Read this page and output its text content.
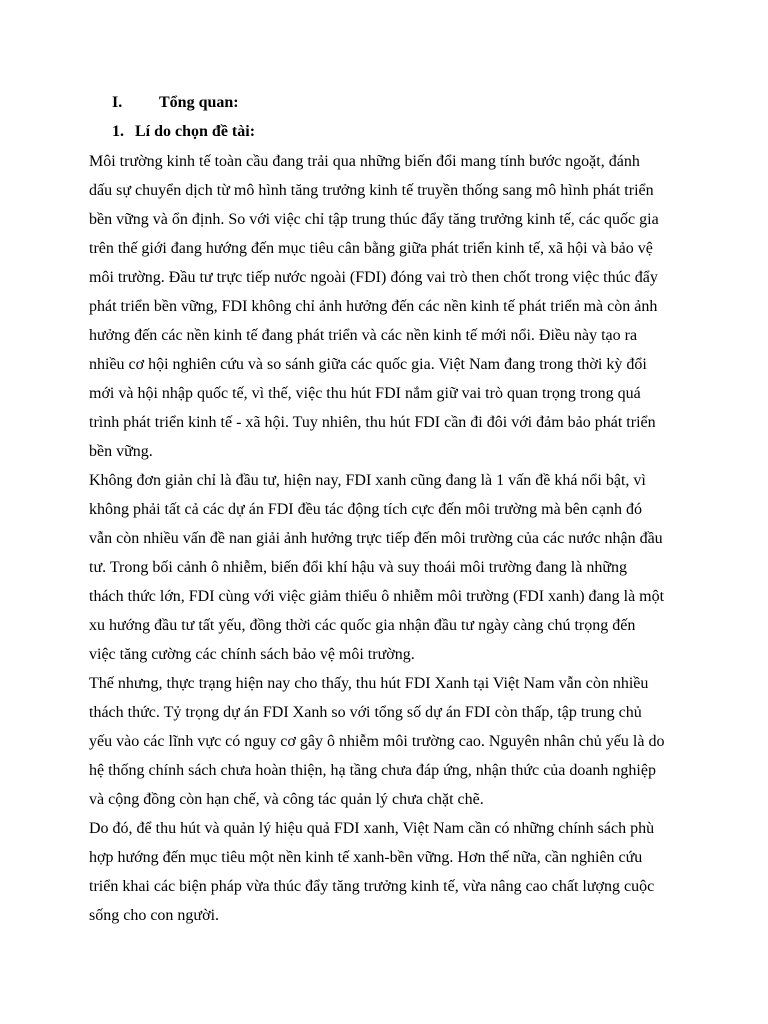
I. Tổng quan:
1. Lí do chọn đề tài:
Môi trường kinh tế toàn cầu đang trải qua những biến đổi mang tính bước ngoặt, đánh
dấu sự chuyển dịch từ mô hình tăng trưởng kinh tế truyền thống sang mô hình phát triển
bền vững và ổn định. So với việc chỉ tập trung thúc đẩy tăng trưởng kinh tế, các quốc gia
trên thế giới đang hướng đến mục tiêu cân bằng giữa phát triển kinh tế, xã hội và bảo vệ
môi trường. Đầu tư trực tiếp nước ngoài (FDI) đóng vai trò then chốt trong việc thúc đẩy
phát triển bền vững, FDI không chỉ ảnh hưởng đến các nền kinh tế phát triển mà còn ảnh
hưởng đến các nền kinh tế đang phát triển và các nền kinh tế mới nổi. Điều này tạo ra
nhiều cơ hội nghiên cứu và so sánh giữa các quốc gia. Việt Nam đang trong thời kỳ đổi
mới và hội nhập quốc tế, vì thế, việc thu hút FDI nắm giữ vai trò quan trọng trong quá
trình phát triển kinh tế - xã hội. Tuy nhiên, thu hút FDI cần đi đôi với đảm bảo phát triển
bền vững.
Không đơn giản chỉ là đầu tư, hiện nay, FDI xanh cũng đang là 1 vấn đề khá nổi bật, vì
không phải tất cả các dự án FDI đều tác động tích cực đến môi trường mà bên cạnh đó
vẫn còn nhiều vấn đề nan giải ảnh hưởng trực tiếp đến môi trường của các nước nhận đầu
tư. Trong bối cảnh ô nhiễm, biến đổi khí hậu và suy thoái môi trường đang là những
thách thức lớn, FDI cùng với việc giảm thiểu ô nhiễm môi trường (FDI xanh) đang là một
xu hướng đầu tư tất yếu, đồng thời các quốc gia nhận đầu tư ngày càng chú trọng đến
việc tăng cường các chính sách bảo vệ môi trường.
Thế nhưng, thực trạng hiện nay cho thấy, thu hút FDI Xanh tại Việt Nam vẫn còn nhiều
thách thức. Tỷ trọng dự án FDI Xanh so với tổng số dự án FDI còn thấp, tập trung chủ
yếu vào các lĩnh vực có nguy cơ gây ô nhiễm môi trường cao. Nguyên nhân chủ yếu là do
hệ thống chính sách chưa hoàn thiện, hạ tầng chưa đáp ứng, nhận thức của doanh nghiệp
và cộng đồng còn hạn chế, và công tác quản lý chưa chặt chẽ.
Do đó, để thu hút và quản lý hiệu quả FDI xanh, Việt Nam cần có những chính sách phù
hợp hướng đến mục tiêu một nền kinh tế xanh-bền vững. Hơn thế nữa, cần nghiên cứu
triển khai các biện pháp vừa thúc đẩy tăng trưởng kinh tế, vừa nâng cao chất lượng cuộc
sống cho con người.
